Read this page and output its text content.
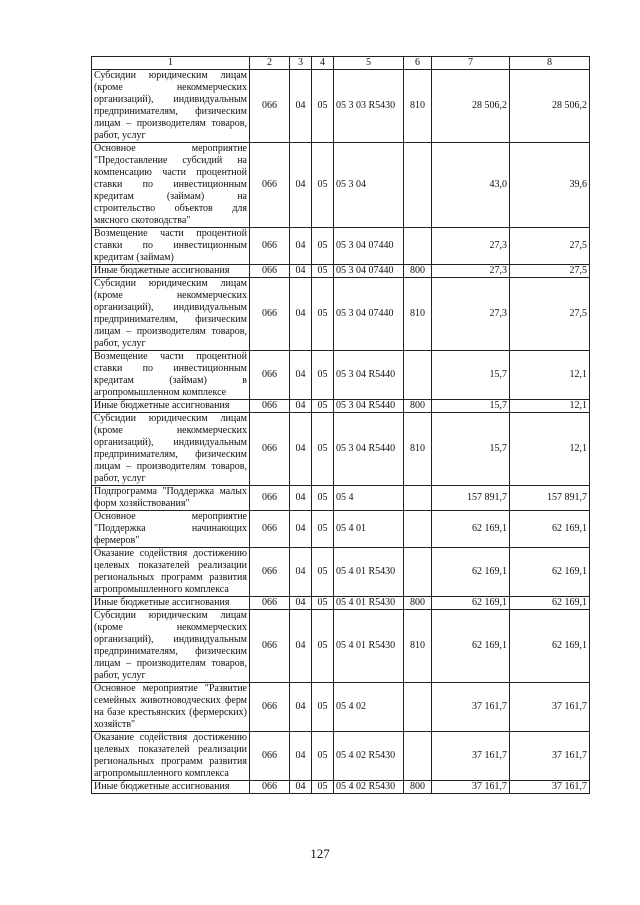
1	2	3	4	5	6	7	8
Субсидии юридическим лицам (кроме некоммерческих организаций), индивидуальным предпринимателям, физическим лицам – производителям товаров, работ, услуг	066	04	05	05 3 03 R5430	810	28 506,2	28 506,2
Основное мероприятие "Предоставление субсидий на компенсацию части процентной ставки по инвестиционным кредитам (займам) на строительство объектов для мясного скотоводства"	066	04	05	05 3 04		43,0	39,6
Возмещение части процентной ставки по инвестиционным кредитам (займам)	066	04	05	05 3 04 07440		27,3	27,5
Иные бюджетные ассигнования	066	04	05	05 3 04 07440	800	27,3	27,5
Субсидии юридическим лицам (кроме некоммерческих организаций), индивидуальным предпринимателям, физическим лицам – производителям товаров, работ, услуг	066	04	05	05 3 04 07440	810	27,3	27,5
Возмещение части процентной ставки по инвестиционным кредитам (займам) в агропромышленном комплексе	066	04	05	05 3 04 R5440		15,7	12,1
Иные бюджетные ассигнования	066	04	05	05 3 04 R5440	800	15,7	12,1
Субсидии юридическим лицам (кроме некоммерческих организаций), индивидуальным предпринимателям, физическим лицам – производителям товаров, работ, услуг	066	04	05	05 3 04 R5440	810	15,7	12,1
Подпрограмма "Поддержка малых форм хозяйствования"	066	04	05	05 4		157 891,7	157 891,7
Основное мероприятие "Поддержка начинающих фермеров"	066	04	05	05 4 01		62 169,1	62 169,1
Оказание содействия достижению целевых показателей реализации региональных программ развития агропромышленного комплекса	066	04	05	05 4 01 R5430		62 169,1	62 169,1
Иные бюджетные ассигнования	066	04	05	05 4 01 R5430	800	62 169,1	62 169,1
Субсидии юридическим лицам (кроме некоммерческих организаций), индивидуальным предпринимателям, физическим лицам – производителям товаров, работ, услуг	066	04	05	05 4 01 R5430	810	62 169,1	62 169,1
Основное мероприятие "Развитие семейных животноводческих ферм на базе крестьянских (фермерских) хозяйств"	066	04	05	05 4 02		37 161,7	37 161,7
Оказание содействия достижению целевых показателей реализации региональных программ развития агропромышленного комплекса	066	04	05	05 4 02 R5430		37 161,7	37 161,7
Иные бюджетные ассигнования	066	04	05	05 4 02 R5430	800	37 161,7	37 161,7
127
